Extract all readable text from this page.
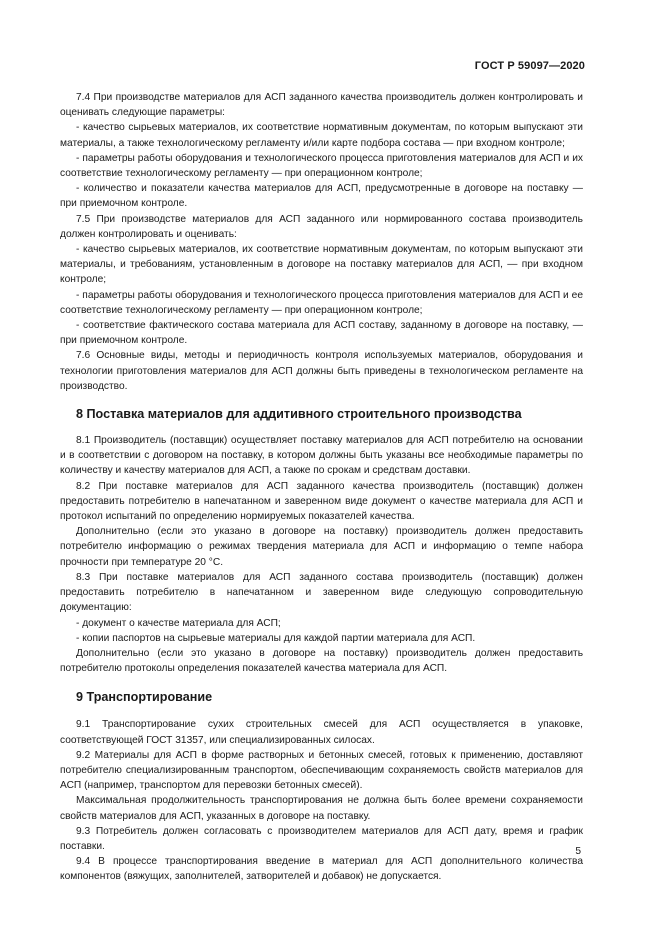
ГОСТ Р 59097—2020

7.4 При производстве материалов для АСП заданного качества производитель должен контролировать и оценивать следующие параметры:

- качество сырьевых материалов, их соответствие нормативным документам, по которым выпускают эти материалы, а также технологическому регламенту и/или карте подбора состава — при входном контроле;

- параметры работы оборудования и технологического процесса приготовления материалов для АСП и их соответствие технологическому регламенту — при операционном контроле;

- количество и показатели качества материалов для АСП, предусмотренные в договоре на поставку — при приемочном контроле.

7.5 При производстве материалов для АСП заданного или нормированного состава производитель должен контролировать и оценивать:

- качество сырьевых материалов, их соответствие нормативным документам, по которым выпускают эти материалы, и требованиям, установленным в договоре на поставку материалов для АСП, — при входном контроле;

- параметры работы оборудования и технологического процесса приготовления материалов для АСП и ее соответствие технологическому регламенту — при операционном контроле;

- соответствие фактического состава материала для АСП составу, заданному в договоре на поставку, — при приемочном контроле.

7.6 Основные виды, методы и периодичность контроля используемых материалов, оборудования и технологии приготовления материалов для АСП должны быть приведены в технологическом регламенте на производство.

8 Поставка материалов для аддитивного строительного производства

8.1 Производитель (поставщик) осуществляет поставку материалов для АСП потребителю на основании и в соответствии с договором на поставку, в котором должны быть указаны все необходимые параметры по количеству и качеству материалов для АСП, а также по срокам и средствам доставки.

8.2 При поставке материалов для АСП заданного качества производитель (поставщик) должен предоставить потребителю в напечатанном и заверенном виде документ о качестве материала для АСП и протокол испытаний по определению нормируемых показателей качества.

Дополнительно (если это указано в договоре на поставку) производитель должен предоставить потребителю информацию о режимах твердения материала для АСП и информацию о темпе набора прочности при температуре 20 °С.

8.3 При поставке материалов для АСП заданного состава производитель (поставщик) должен предоставить потребителю в напечатанном и заверенном виде следующую сопроводительную документацию:

- документ о качестве материала для АСП;

- копии паспортов на сырьевые материалы для каждой партии материала для АСП.

Дополнительно (если это указано в договоре на поставку) производитель должен предоставить потребителю протоколы определения показателей качества материала для АСП.

9 Транспортирование

9.1 Транспортирование сухих строительных смесей для АСП осуществляется в упаковке, соответствующей ГОСТ 31357, или специализированных силосах.

9.2 Материалы для АСП в форме растворных и бетонных смесей, готовых к применению, доставляют потребителю специализированным транспортом, обеспечивающим сохраняемость свойств материалов для АСП (например, транспортом для перевозки бетонных смесей).

Максимальная продолжительность транспортирования не должна быть более времени сохраняемости свойств материалов для АСП, указанных в договоре на поставку.

9.3 Потребитель должен согласовать с производителем материалов для АСП дату, время и график поставки.

9.4 В процессе транспортирования введение в материал для АСП дополнительного количества компонентов (вяжущих, заполнителей, затворителей и добавок) не допускается.

5
